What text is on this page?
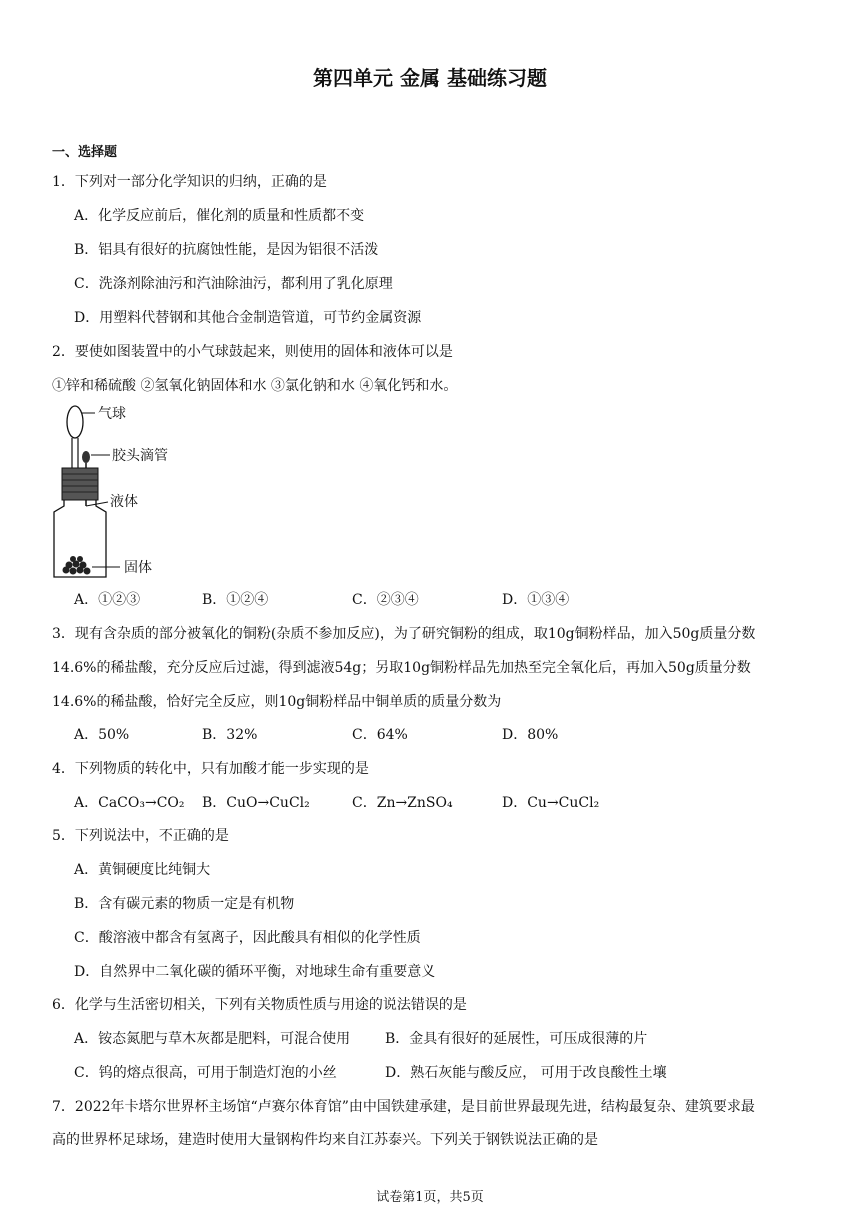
第四单元 金属 基础练习题
一、选择题
1．下列对一部分化学知识的归纳，正确的是
A．化学反应前后，催化剂的质量和性质都不变
B．铝具有很好的抗腐蚀性能，是因为铝很不活泼
C．洗涤剂除油污和汽油除油污，都利用了乳化原理
D．用塑料代替钢和其他合金制造管道，可节约金属资源
2．要使如图装置中的小气球鼓起来，则使用的固体和液体可以是
①锌和稀硫酸 ②氢氧化钠固体和水 ③氯化钠和水 ④氧化钙和水。
气球
胶头滴管
液体
固体
A．①②③	B．①②④	C．②③④	D．①③④
3．现有含杂质的部分被氧化的铜粉(杂质不参加反应)，为了研究铜粉的组成，取10g铜粉样品，加入50g质量分数
14.6%的稀盐酸，充分反应后过滤，得到滤液54g；另取10g铜粉样品先加热至完全氧化后，再加入50g质量分数
14.6%的稀盐酸，恰好完全反应，则10g铜粉样品中铜单质的质量分数为
A．50%	B．32%	C．64%	D．80%
4．下列物质的转化中，只有加酸才能一步实现的是
A．CaCO₃→CO₂ B．CuO→CuCl₂	C．Zn→ZnSO₄	D．Cu→CuCl₂
5．下列说法中，不正确的是
A．黄铜硬度比纯铜大
B．含有碳元素的物质一定是有机物
C．酸溶液中都含有氢离子，因此酸具有相似的化学性质
D．自然界中二氧化碳的循环平衡，对地球生命有重要意义
6．化学与生活密切相关，下列有关物质性质与用途的说法错误的是
A．铵态氮肥与草木灰都是肥料，可混合使用 B．金具有很好的延展性，可压成很薄的片
C．钨的熔点很高，可用于制造灯泡的小丝	D．熟石灰能与酸反应， 可用于改良酸性土壤
7．2022年卡塔尔世界杯主场馆“卢赛尔体育馆”由中国铁建承建，是目前世界最现先进，结构最复杂、建筑要求最
高的世界杯足球场，建造时使用大量钢构件均来自江苏泰兴。下列关于钢铁说法正确的是
试卷第1页，共5页
